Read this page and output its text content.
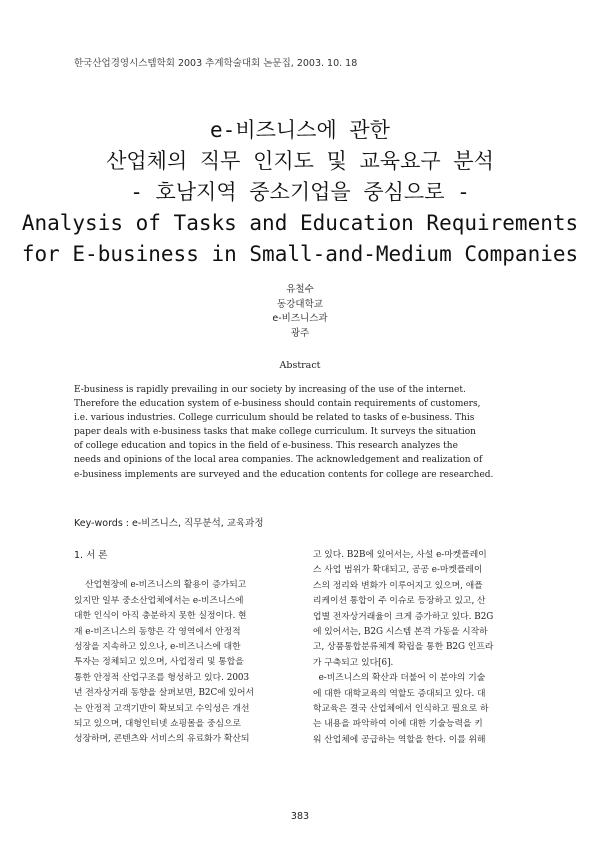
한국산업경영시스템학회 2003 추계학술대회 논문집, 2003. 10. 18
e-비즈니스에 관한
산업체의 직무 인지도 및 교육요구 분석
- 호남지역 중소기업을 중심으로 -
Analysis of Tasks and Education Requirements
for E-business in Small-and-Medium Companies
유철수
동강대학교
e-비즈니스과
광주
Abstract
E-business is rapidly prevailing in our society by increasing of the use of the internet.
Therefore the education system of e-business should contain requirements of customers,
i.e. various industries. College curriculum should be related to tasks of e-business. This
paper deals with e-business tasks that make college curriculum. It surveys the situation
of college education and topics in the field of e-business. This research analyzes the
needs and opinions of the local area companies. The acknowledgement and realization of
e-business implements are surveyed and the education contents for college are researched.
Key-words : e-비즈니스, 직무분석, 교육과정
1. 서 론
산업현장에 e-비즈니스의 활용이 증가되고
있지만 일부 중소산업체에서는 e-비즈니스에
대한 인식이 아직 충분하지 못한 실정이다. 현
재 e-비즈니스의 동향은 각 영역에서 안정적
성장을 지속하고 있으나, e-비즈니스에 대한
투자는 정체되고 있으며, 사업정리 및 통합을
통한 안정적 산업구조를 형성하고 있다. 2003
년 전자상거래 동향을 살펴보면, B2C에 있어서
는 안정적 고객기반이 확보되고 수익성은 개선
되고 있으며, 대형인터넷 쇼핑몰을 중심으로
성장하며, 콘텐츠와 서비스의 유료화가 확산되
고 있다. B2B에 있어서는, 사설 e-마켓플레이
스 사업 범위가 확대되고, 공공 e-마켓플레이
스의 정리와 변화가 이루어지고 있으며, 애플
리케이션 통합이 주 이슈로 등장하고 있고, 산
업별 전자상거래율이 크게 증가하고 있다. B2G
에 있어서는, B2G 시스템 본격 가동을 시작하
고, 상품통합분류체계 확립을 통한 B2G 인프라
가 구축되고 있다[6].
e-비즈니스의 확산과 더불어 이 분야의 기술
에 대한 대학교육의 역할도 증대되고 있다. 대
학교육은 결국 산업체에서 인식하고 필요로 하
는 내용을 파악하여 이에 대한 기술능력을 키
워 산업체에 공급하는 역할을 한다. 이를 위해
383
